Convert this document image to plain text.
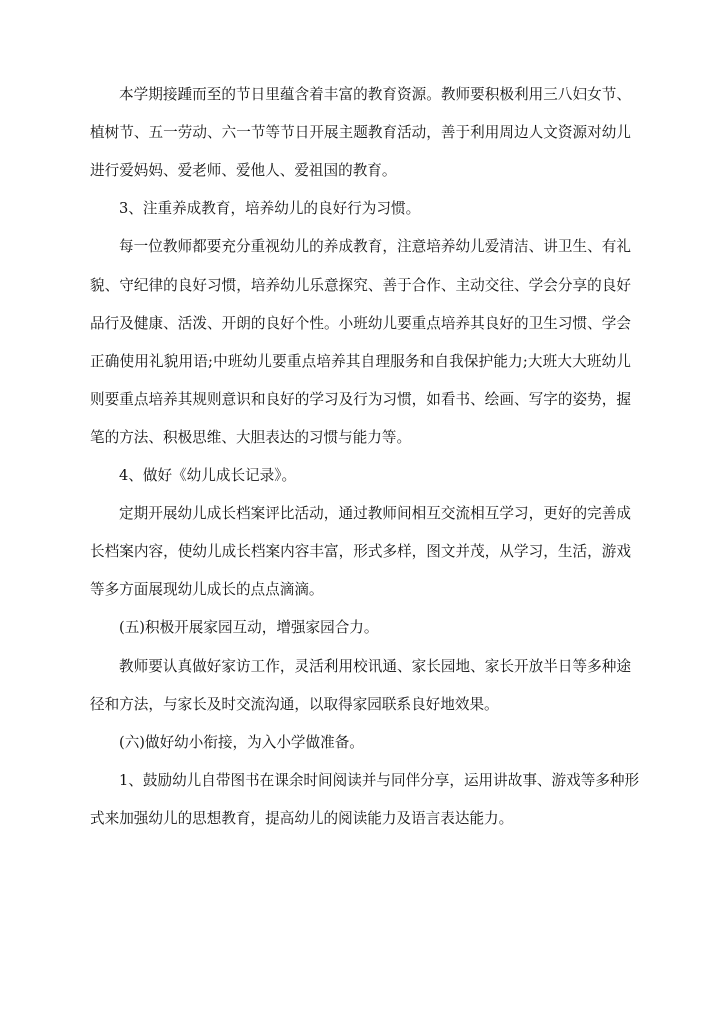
本学期接踵而至的节日里蕴含着丰富的教育资源。教师要积极利用三八妇女节、
植树节、五一劳动、六一节等节日开展主题教育活动，善于利用周边人文资源对幼儿
进行爱妈妈、爱老师、爱他人、爱祖国的教育。
3、注重养成教育，培养幼儿的良好行为习惯。
每一位教师都要充分重视幼儿的养成教育，注意培养幼儿爱清洁、讲卫生、有礼
貌、守纪律的良好习惯，培养幼儿乐意探究、善于合作、主动交往、学会分享的良好
品行及健康、活泼、开朗的良好个性。小班幼儿要重点培养其良好的卫生习惯、学会
正确使用礼貌用语;中班幼儿要重点培养其自理服务和自我保护能力;大班大大班幼儿
则要重点培养其规则意识和良好的学习及行为习惯，如看书、绘画、写字的姿势，握
笔的方法、积极思维、大胆表达的习惯与能力等。
4、做好《幼儿成长记录》。
定期开展幼儿成长档案评比活动，通过教师间相互交流相互学习，更好的完善成
长档案内容，使幼儿成长档案内容丰富，形式多样，图文并茂，从学习，生活，游戏
等多方面展现幼儿成长的点点滴滴。
(五)积极开展家园互动，增强家园合力。
教师要认真做好家访工作，灵活利用校讯通、家长园地、家长开放半日等多种途
径和方法，与家长及时交流沟通，以取得家园联系良好地效果。
(六)做好幼小衔接，为入小学做准备。
1、鼓励幼儿自带图书在课余时间阅读并与同伴分享，运用讲故事、游戏等多种形
式来加强幼儿的思想教育，提高幼儿的阅读能力及语言表达能力。
